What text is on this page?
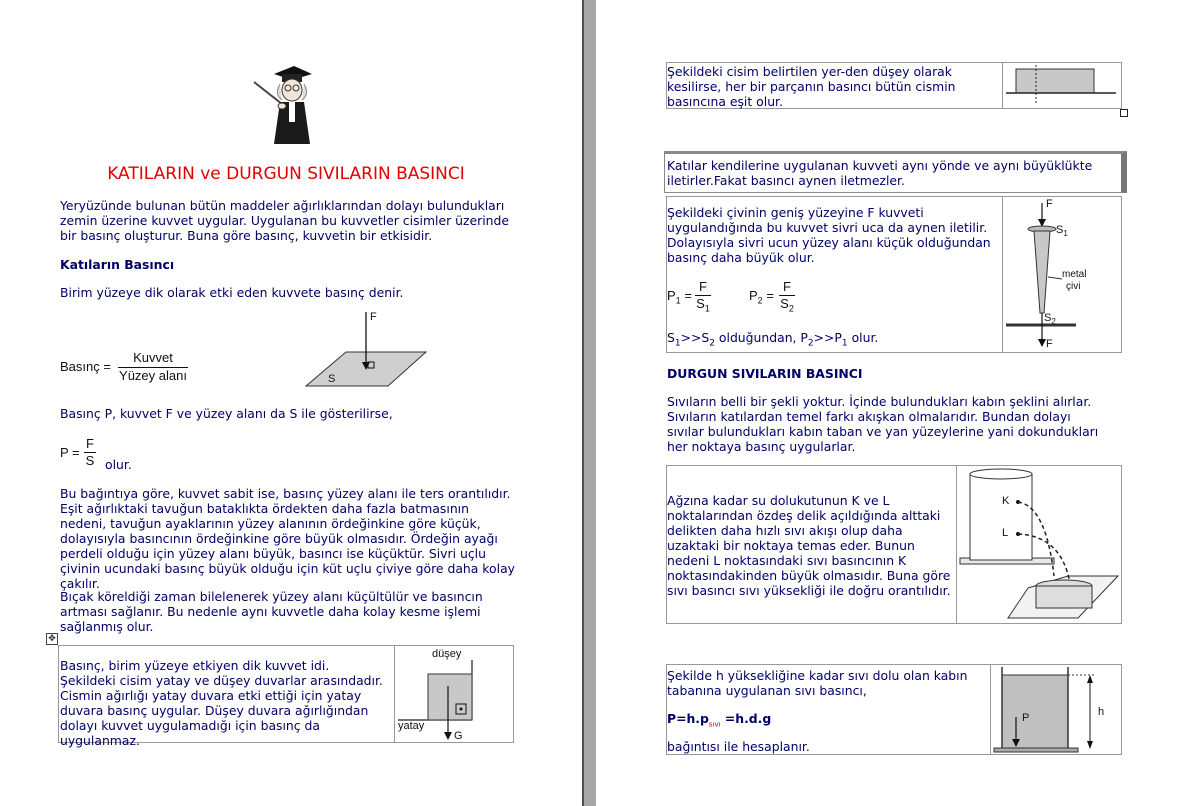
KATILARIN ve DURGUN SIVILARIN BASINCI

Yeryüzünde bulunan bütün maddeler ağırlıklarından dolayı bulundukları zemin üzerine kuvvet uygular. Uygulanan bu kuvvetler cisimler üzerinde bir basınç oluşturur. Buna göre basınç, kuvvetin bir etkisidir.

Katıların Basıncı

Birim yüzeye dik olarak etki eden kuvvete basınç denir.

Basınç =
Kuvvet
Yüzey alanı
F
S

Basınç P, kuvvet F ve yüzey alanı da S ile gösterilirse,

P =
F
S olur.

Bu bağıntıya göre, kuvvet sabit ise, basınç yüzey alanı ile ters orantılıdır. Eşit ağırlıktaki tavuğun bataklıkta ördekten daha fazla batmasının nedeni, tavuğun ayaklarının yüzey alanının ördeğinkine göre küçük, dolayısıyla basıncının ördeğinkine göre büyük olmasıdır. Ördeğin ayağı perdeli olduğu için yüzey alanı büyük, basıncı ise küçüktür. Sivri uçlu çivinin ucundaki basınç büyük olduğu için küt uçlu çiviye göre daha kolay çakılır.

Bıçak köreldiği zaman bilelenerek yüzey alanı küçültülür ve basıncın artması sağlanır. Bu nedenle aynı kuvvetle daha kolay kesme işlemi sağlanmış olur.

✥

Basınç, birim yüzeye etkiyen dik kuvvet idi. Şekildeki cisim yatay ve düşey duvarlar arasındadır. Cismin ağırlığı yatay duvara etki ettiği için yatay duvara basınç uygular. Düşey duvara ağırlığından dolayı kuvvet uygulamadığı için basınç da uygulanmaz.

düşey
yatay
G

Şekildeki cisim belirtilen yer-den düşey olarak kesilirse, her bir parçanın basıncı bütün cismin basıncına eşit olur.

Katılar kendilerine uygulanan kuvveti aynı yönde ve aynı büyüklükte iletirler.Fakat basıncı aynen iletmezler.

Şekildeki çivinin geniş yüzeyine F kuvveti uygulandığında bu kuvvet sivri uca da aynen iletilir. Dolayısıyla sivri ucun yüzey alanı küçük olduğundan basınç daha büyük olur.

$P_1$ =
F
$S_1$
$P_2$ =
F
$S_2$

$S_1>>S_2$ olduğundan, $P_2>>P_1$ olur.

F
$S_1$
metal
çivi
$S_2$
F

DURGUN SIVILARIN BASINCI

Sıvıların belli bir şekli yoktur. İçinde bulundukları kabın şeklini alırlar. Sıvıların katılardan temel farkı akışkan olmalarıdır. Bundan dolayı sıvılar bulundukları kabın taban ve yan yüzeylerine yani dokundukları her noktaya basınç uygularlar.

Ağzına kadar su dolukutunun K ve L noktalarından özdeş delik açıldığında alttaki delikten daha hızlı sıvı akışı olup daha uzaktaki bir noktaya temas eder. Bunun nedeni L noktasındaki sıvı basıncının K noktasındakinden büyük olmasıdır. Buna göre sıvı basıncı sıvı yüksekliği ile doğru orantılıdır.

K
L

Şekilde h yüksekliğine kadar sıvı dolu olan kabın tabanına uygulanan sıvı basıncı,

$P=h.p_{sıvı} =h.d.g$

bağıntısı ile hesaplanır.

P	h
